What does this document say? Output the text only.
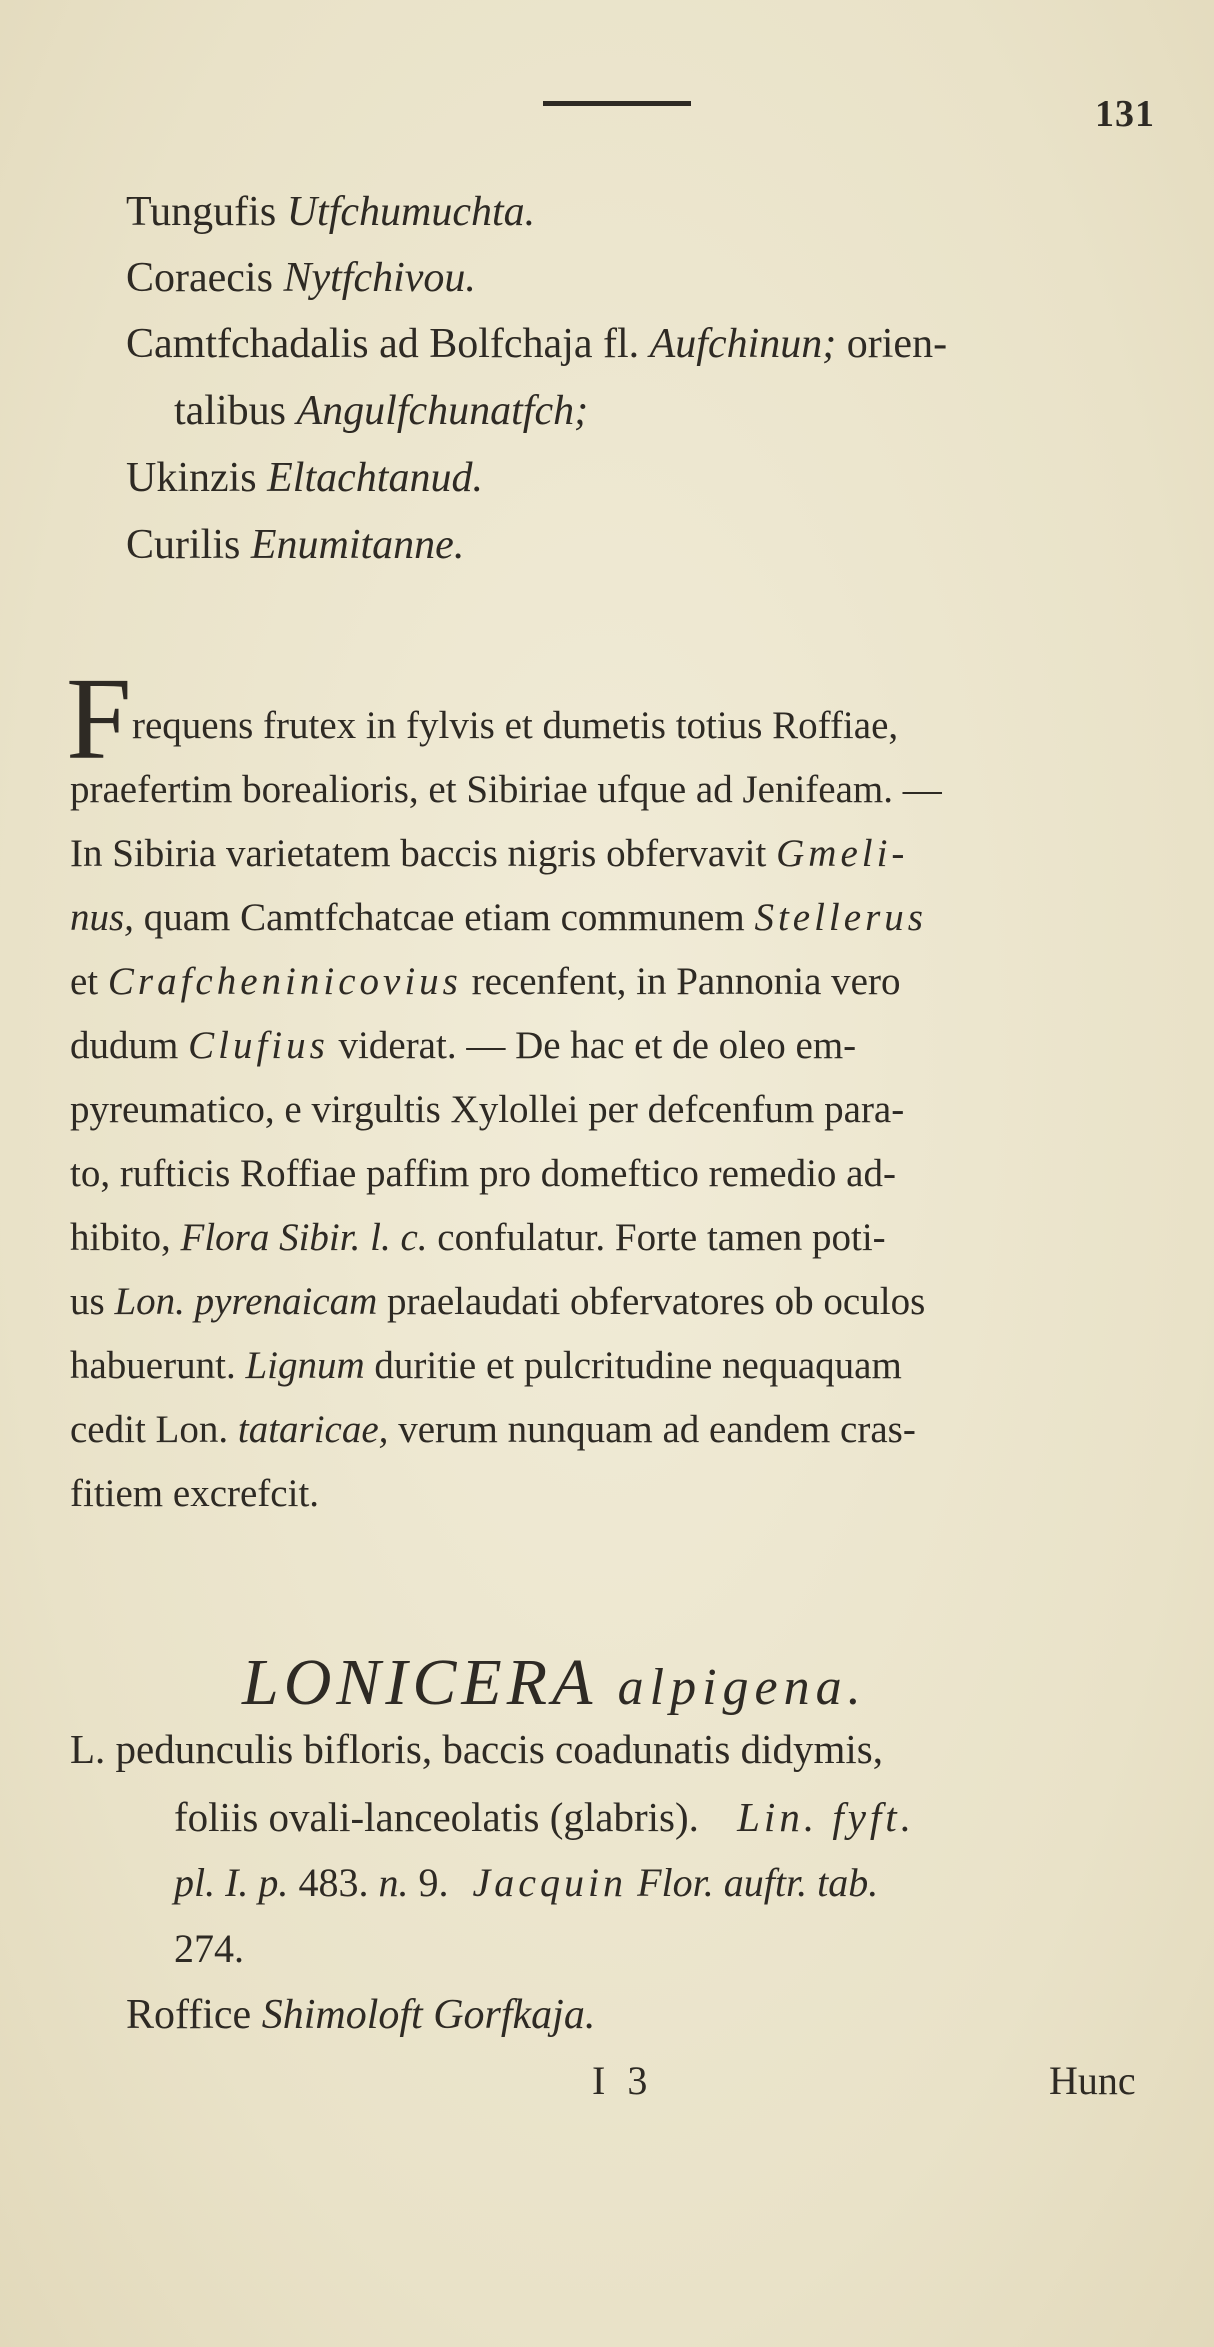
131
Tungufis Utfchumuchta.
Coraecis Nytfchivou.
Camtfchadalis ad Bolfchaja fl. Aufchinun; orien-
talibus Angulfchunatfch;
Ukinzis Eltachtanud.
Curilis Enumitanne.
F requens frutex in fylvis et dumetis totius Roffiae,
praefertim borealioris, et Sibiriae ufque ad Jenifeam. —
In Sibiria varietatem baccis nigris obfervavit Gmeli-
nus, quam Camtfchatcae etiam communem Stellerus
et Crafcheninicovius recenfent, in Pannonia vero
dudum Clufius viderat. — De hac et de oleo em-
pyreumatico, e virgultis Xylollei per defcenfum para-
to, rufticis Roffiae paffim pro domeftico remedio ad-
hibito, Flora Sibir. l. c. confulatur. Forte tamen poti-
us Lon. pyrenaicam praelaudati obfervatores ob oculos
habuerunt. Lignum duritie et pulcritudine nequaquam
cedit Lon. tataricae, verum nunquam ad eandem cras-
fitiem excrefcit.
LONICERA alpigena.
L. pedunculis bifloris, baccis coadunatis didymis,
foliis ovali-lanceolatis (glabris). Lin. fyft.
pl. I. p. 483. n. 9. Jacquin Flor. auftr. tab.
274.
Roffice Shimoloft Gorfkaja.
I 3	Hunc
